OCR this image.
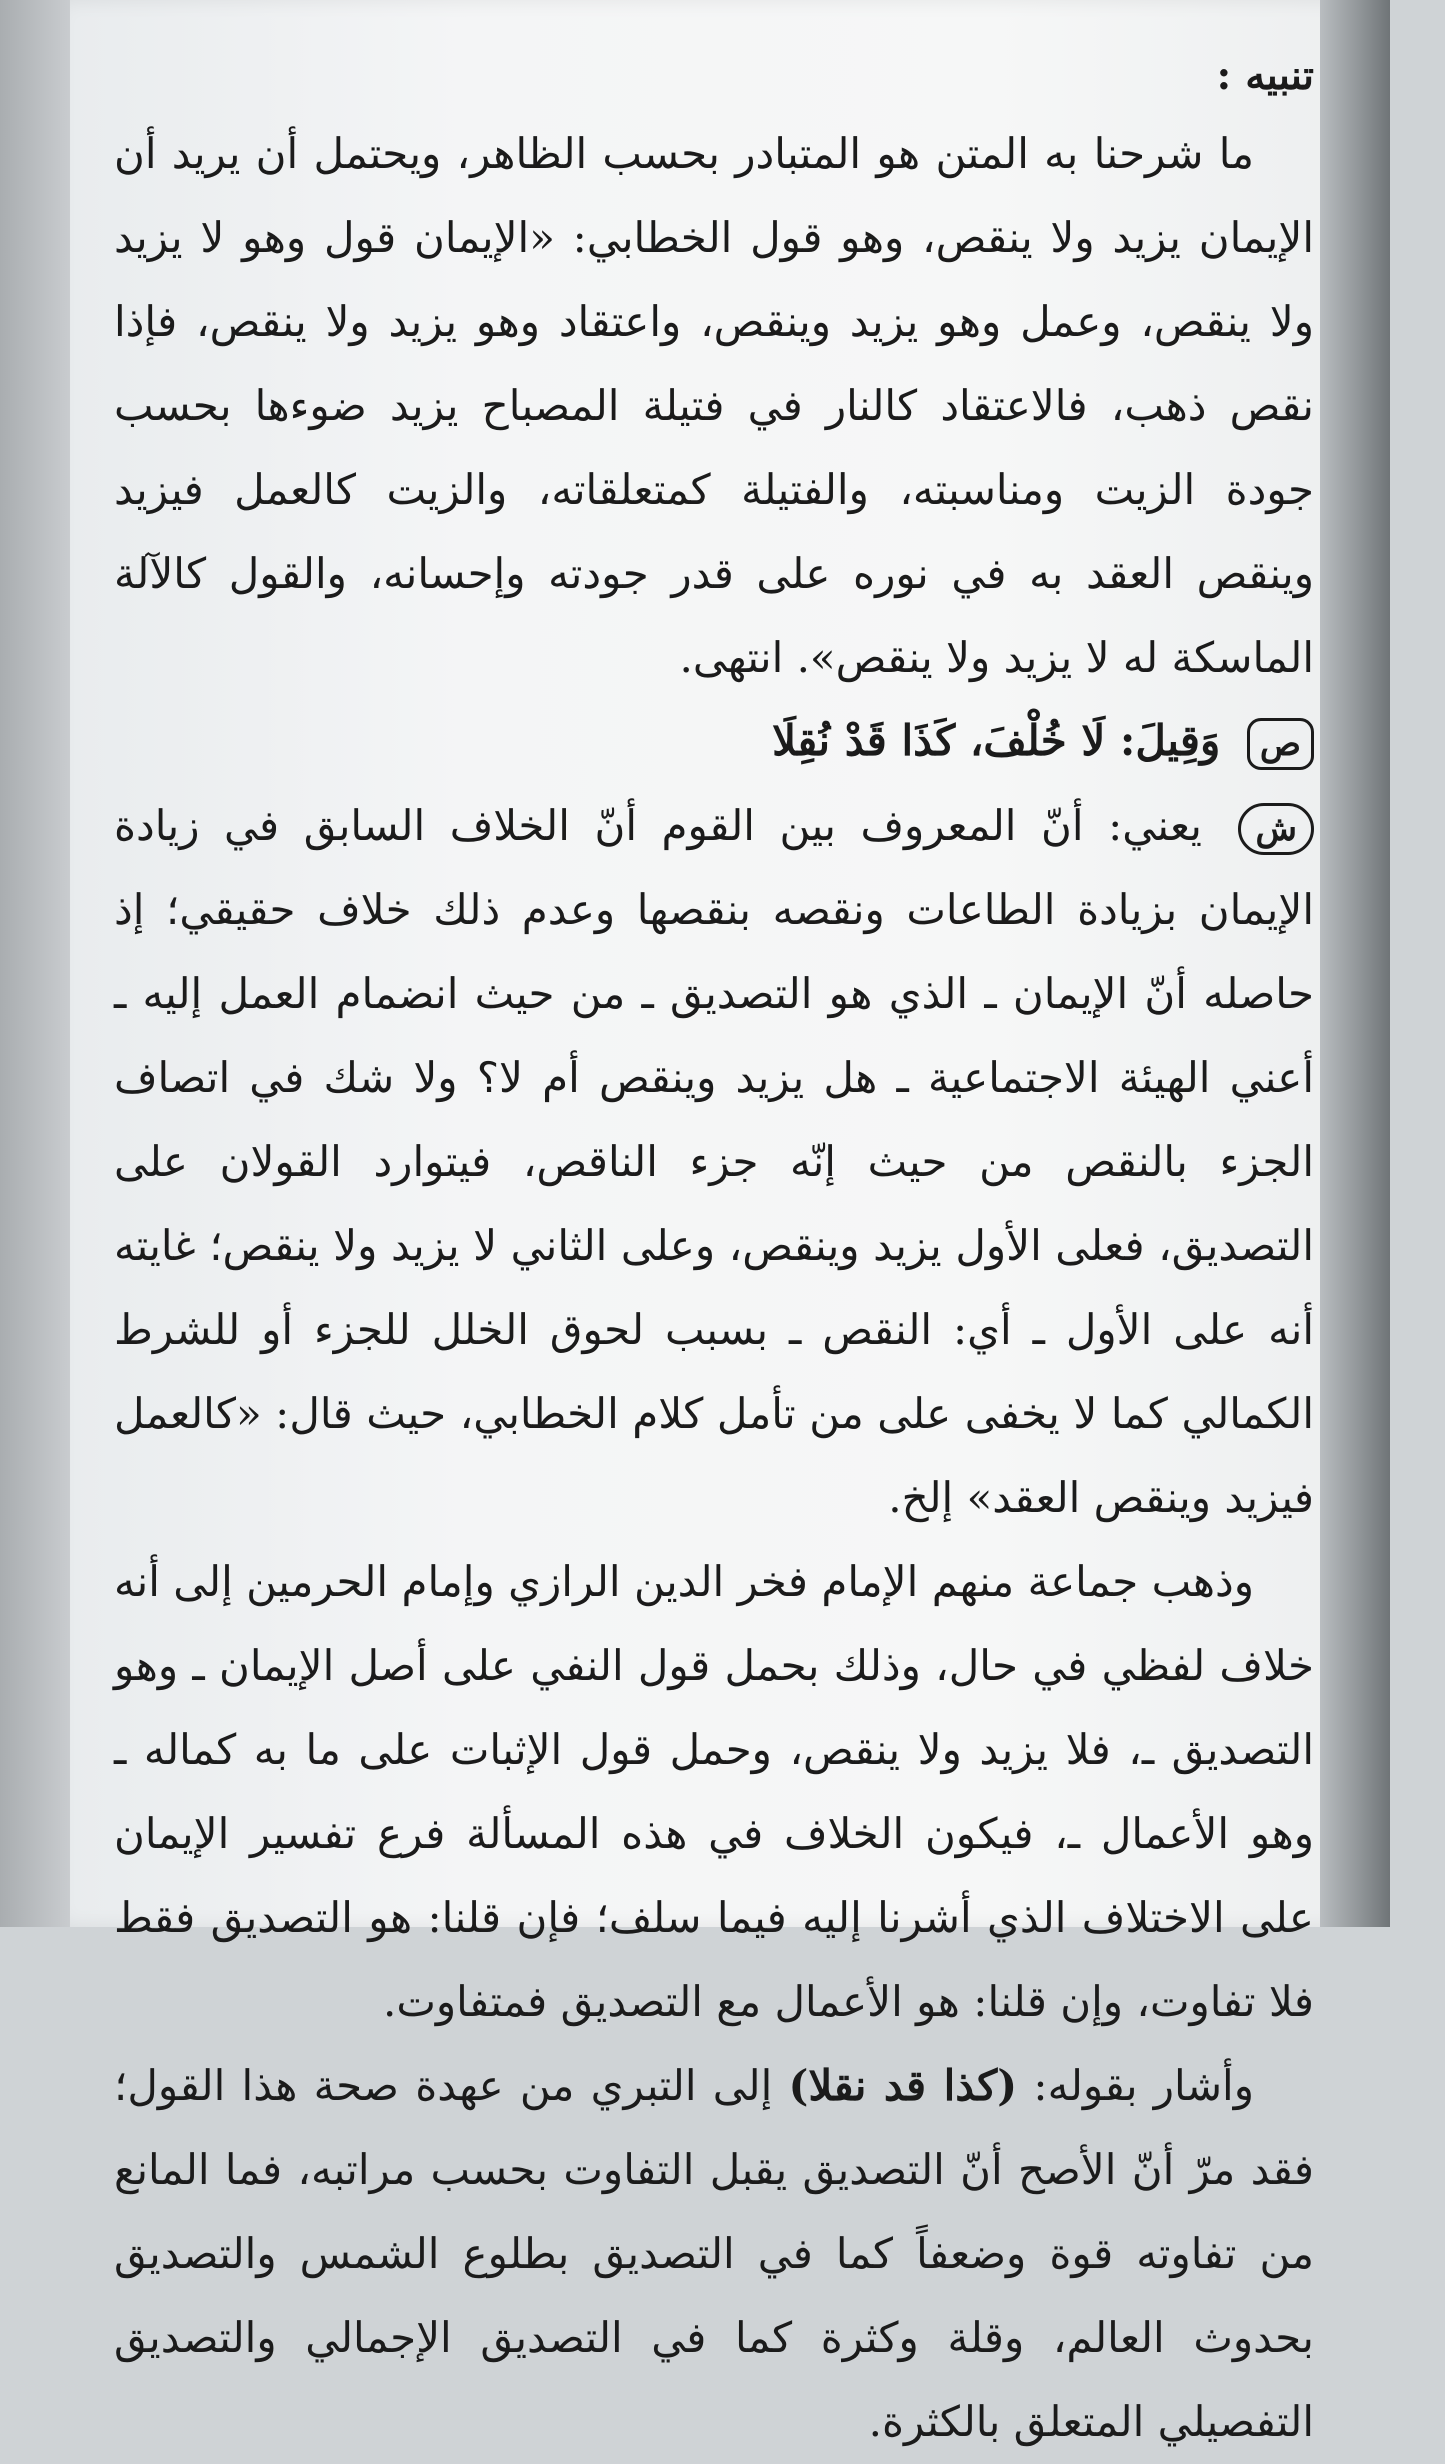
تنبيه :

ما شرحنا به المتن هو المتبادر بحسب الظاهر، ويحتمل أن يريد أن الإيمان يزيد ولا ينقص، وهو قول الخطابي: «الإيمان قول وهو لا يزيد ولا ينقص، وعمل وهو يزيد وينقص، واعتقاد وهو يزيد ولا ينقص، فإذا نقص ذهب، فالاعتقاد كالنار في فتيلة المصباح يزيد ضوءها بحسب جودة الزيت ومناسبته، والفتيلة كمتعلقاته، والزيت كالعمل فيزيد وينقص العقد به في نوره على قدر جودته وإحسانه، والقول كالآلة الماسكة له لا يزيد ولا ينقص». انتهى.

ص وَقِيلَ: لَا خُلْفَ، كَذَا قَدْ نُقِلَا

ش يعني: أنّ المعروف بين القوم أنّ الخلاف السابق في زيادة الإيمان بزيادة الطاعات ونقصه بنقصها وعدم ذلك خلاف حقيقي؛ إذ حاصله أنّ الإيمان ـ الذي هو التصديق ـ من حيث انضمام العمل إليه ـ أعني الهيئة الاجتماعية ـ هل يزيد وينقص أم لا؟ ولا شك في اتصاف الجزء بالنقص من حيث إنّه جزء الناقص، فيتوارد القولان على التصديق، فعلى الأول يزيد وينقص، وعلى الثاني لا يزيد ولا ينقص؛ غايته أنه على الأول ـ أي: النقص ـ بسبب لحوق الخلل للجزء أو للشرط الكمالي كما لا يخفى على من تأمل كلام الخطابي، حيث قال: «كالعمل فيزيد وينقص العقد» إلخ.

وذهب جماعة منهم الإمام فخر الدين الرازي وإمام الحرمين إلى أنه خلاف لفظي في حال، وذلك بحمل قول النفي على أصل الإيمان ـ وهو التصديق ـ، فلا يزيد ولا ينقص، وحمل قول الإثبات على ما به كماله ـ وهو الأعمال ـ، فيكون الخلاف في هذه المسألة فرع تفسير الإيمان على الاختلاف الذي أشرنا إليه فيما سلف؛ فإن قلنا: هو التصديق فقط فلا تفاوت، وإن قلنا: هو الأعمال مع التصديق فمتفاوت.

وأشار بقوله: (كذا قد نقلا) إلى التبري من عهدة صحة هذا القول؛ فقد مرّ أنّ الأصح أنّ التصديق يقبل التفاوت بحسب مراتبه، فما المانع من تفاوته قوة وضعفاً كما في التصديق بطلوع الشمس والتصديق بحدوث العالم، وقلة وكثرة كما في التصديق الإجمالي والتصديق التفصيلي المتعلق بالكثرة.
